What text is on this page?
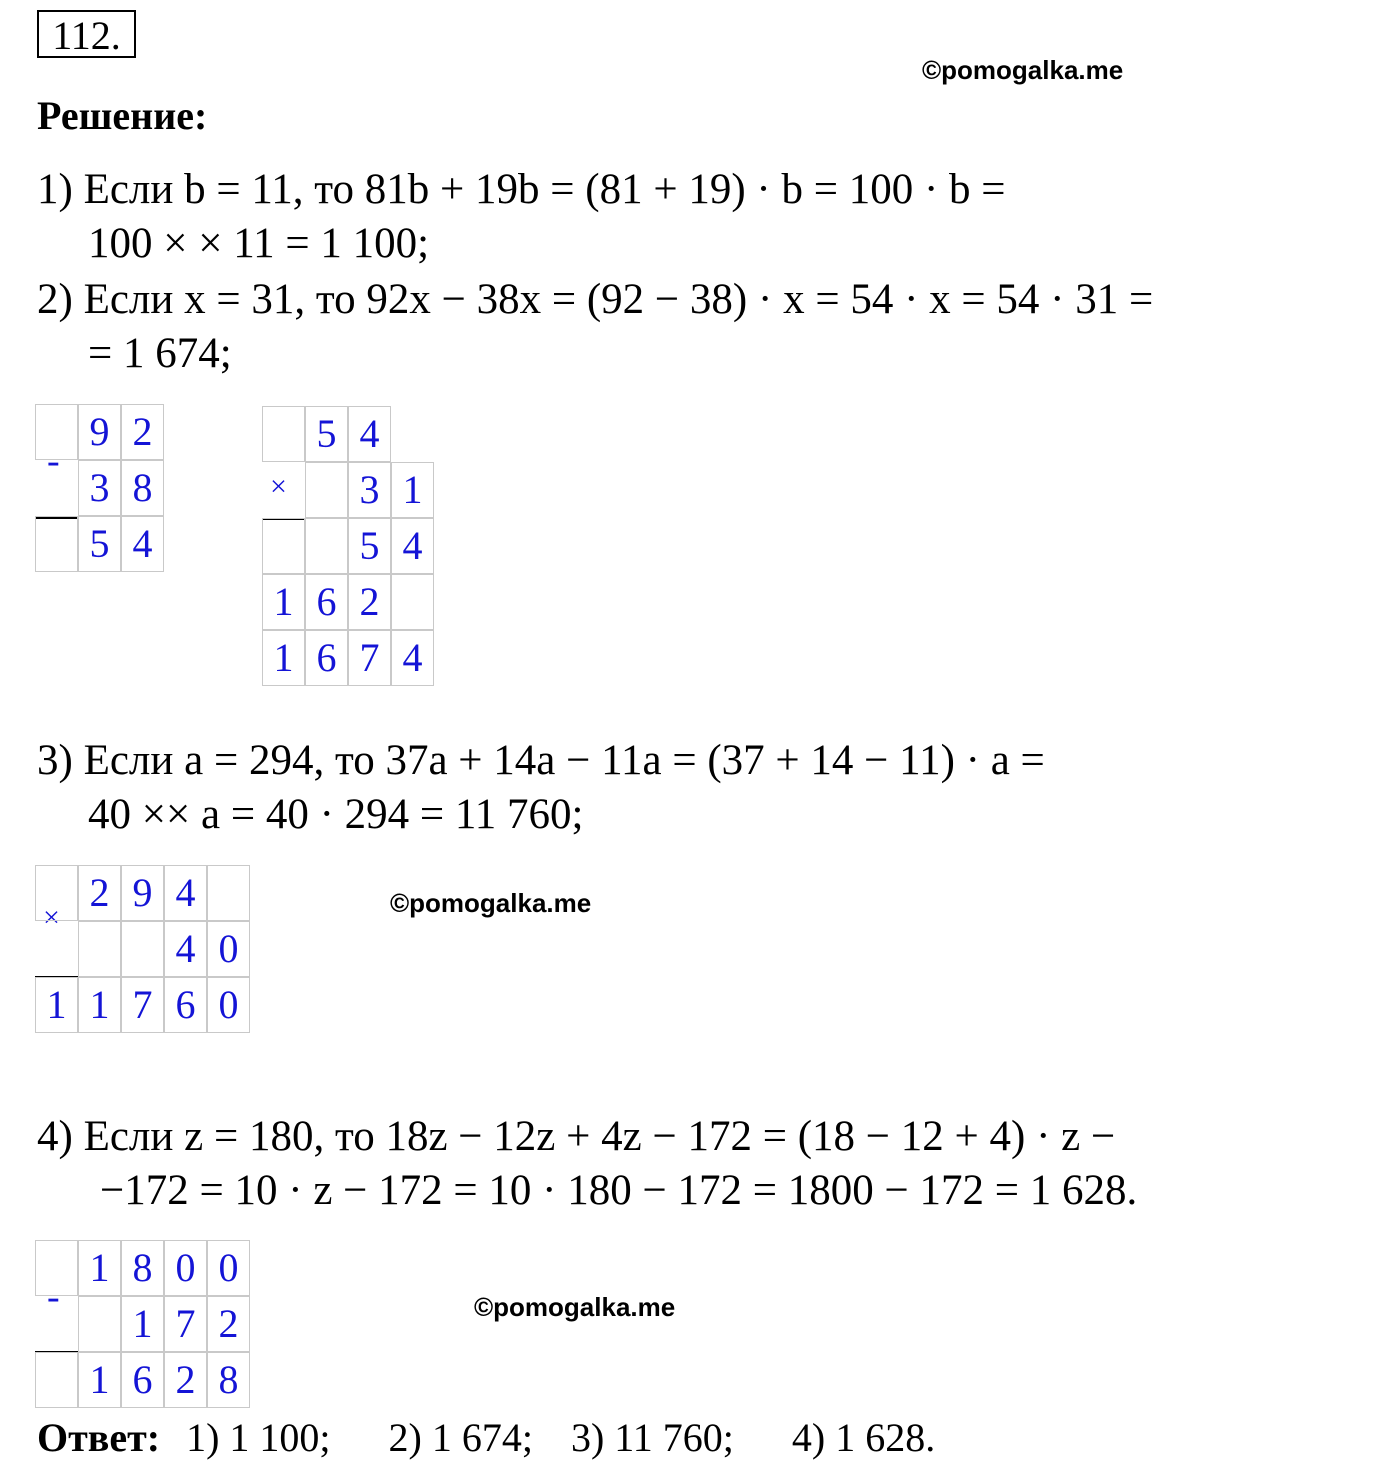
112.
©pomogalka.me
Решение:
1) Если b = 11, то 81b + 19b = (81 + 19) · b = 100 · b =
100 × × 11 = 1 100;
2) Если x = 31, то 92x − 38x = (92 − 38) · x = 54 · x = 54 · 31 =
= 1 674;
-
9 2
3 8
5 4
×
5 4
3 1
5 4
1 6 2
1 6 7 4
3) Если a = 294, то 37a + 14a − 11a = (37 + 14 − 11) · a =
40 ×× a = 40 · 294 = 11 760;
×
2 9 4
4 0
1 1 7 6 0
©pomogalka.me
4) Если z = 180, то 18z − 12z + 4z − 172 = (18 − 12 + 4) · z −
−172 = 10 · z − 172 = 10 · 180 − 172 = 1800 − 172 = 1 628.
-
1 8 0 0
1 7 2
1 6 2 8
©pomogalka.me
Ответ: 1) 1 100; 2) 1 674; 3) 11 760; 4) 1 628.
